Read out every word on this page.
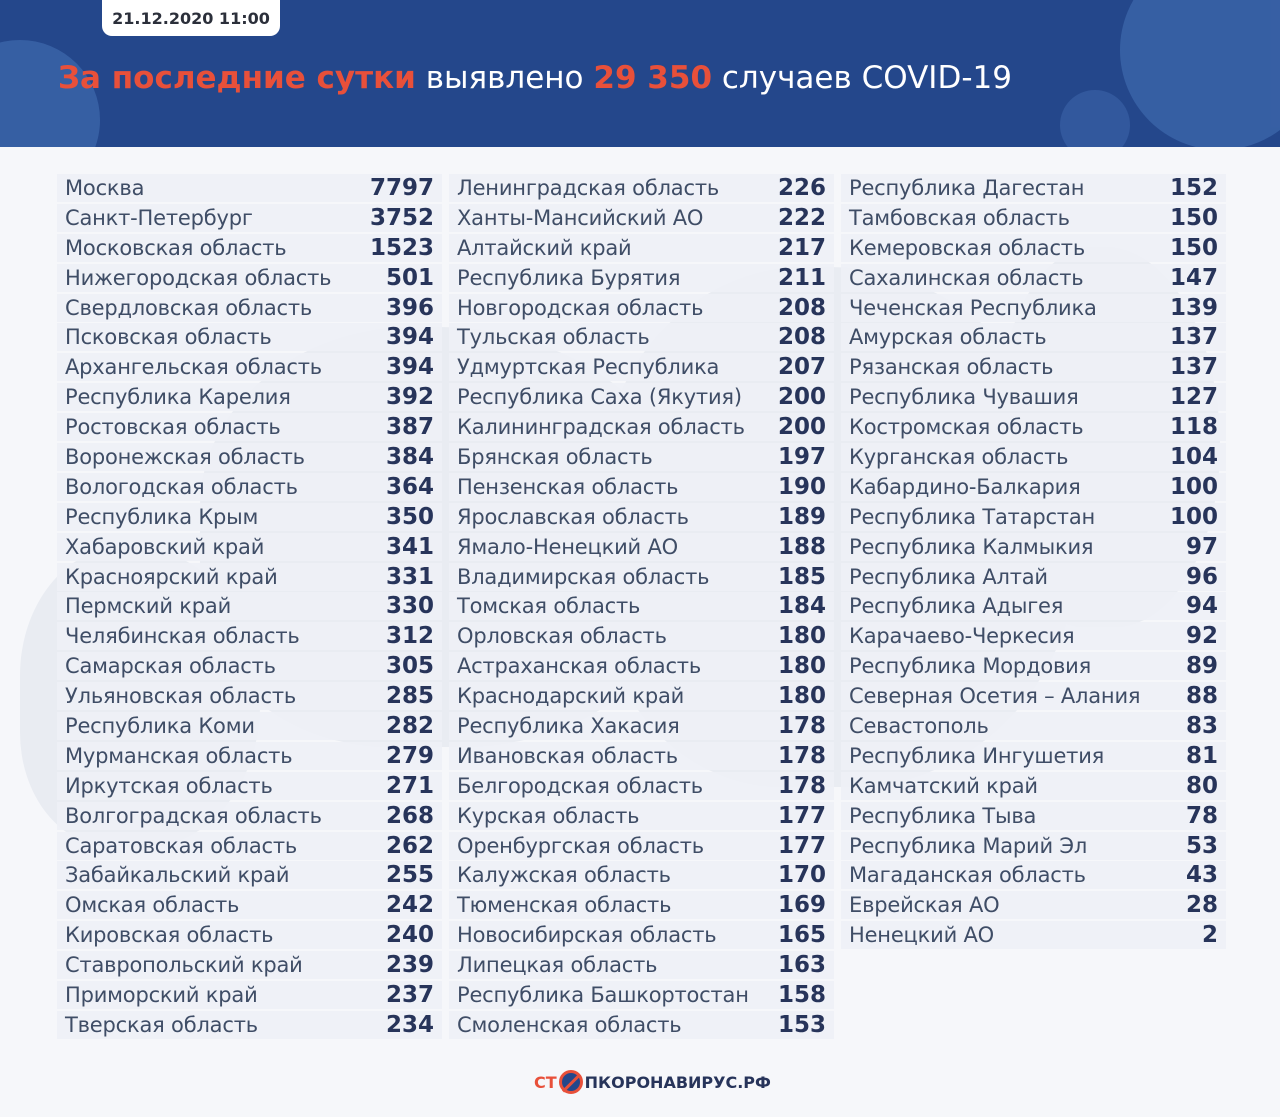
21.12.2020 11:00
За последние сутки выявлено 29 350 случаев COVID-19
Москва	7797
Санкт-Петербург	3752
Московская область	1523
Нижегородская область 501
Свердловская область	396
Псковская область	394
Архангельская область	394
Республика Карелия	392
Ростовская область	387
Воронежская область	384
Вологодская область	364
Республика Крым	350
Хабаровский край	341
Красноярский край	331
Пермский край	330
Челябинская область	312
Самарская область	305
Ульяновская область	285
Республика Коми	282
Мурманская область	279
Иркутская область	271
Волгоградская область	268
Саратовская область	262
Забайкальский край	255
Омская область	242
Кировская область	240
Ставропольский край	239
Приморский край	237
Тверская область	234
Ленинградская область	226
Ханты-Мансийский АО	222
Алтайский край	217
Республика Бурятия	211
Новгородская область	208
Тульская область	208
Удмуртская Республика	207
Республика Саха (Якутия) 200
Калининградская область 200
Брянская область	197
Пензенская область	190
Ярославская область	189
Ямало-Ненецкий АО	188
Владимирская область	185
Томская область	184
Орловская область	180
Астраханская область	180
Краснодарский край	180
Республика Хакасия	178
Ивановская область	178
Белгородская область	178
Курская область	177
Оренбургская область	177
Калужская область	170
Тюменская область	169
Новосибирская область	165
Липецкая область	163
Республика Башкортостан 158
Смоленская область	153
Республика Дагестан	152
Тамбовская область	150
Кемеровская область	150
Сахалинская область	147
Чеченская Республика	139
Амурская область	137
Рязанская область	137
Республика Чувашия	127
Костромская область	118
Курганская область	104
Кабардино-Балкария	100
Республика Татарстан	100
Республика Калмыкия	97
Республика Алтай	96
Республика Адыгея	94
Карачаево-Черкесия	92
Республика Мордовия	89
Северная Осетия – Алания 88
Севастополь	83
Республика Ингушетия	81
Камчатский край	80
Республика Тыва	78
Республика Марий Эл	53
Магаданская область	43
Еврейская АО	28
Ненецкий АО	2
СТ ПКОРОНАВИРУС.РФ
